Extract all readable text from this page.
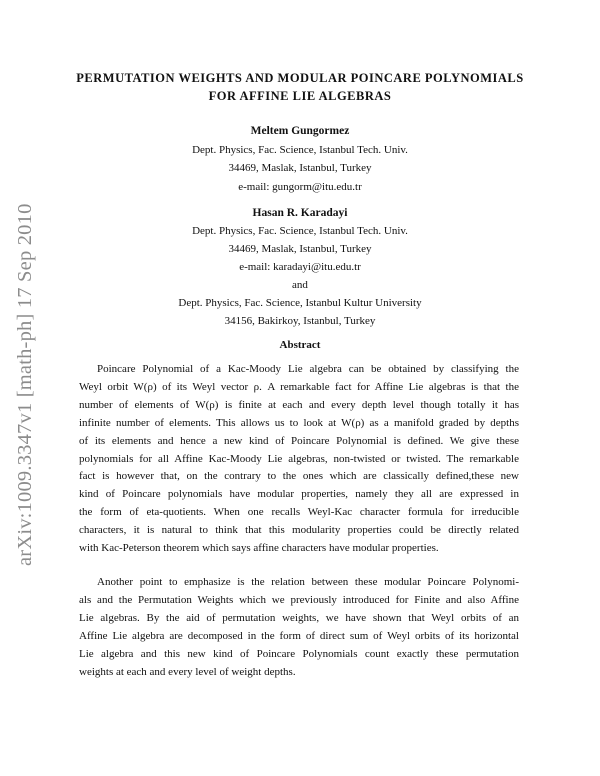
arXiv:1009.3347v1 [math-ph] 17 Sep 2010
PERMUTATION WEIGHTS AND MODULAR POINCARE POLYNOMIALS
FOR AFFINE LIE ALGEBRAS
Meltem Gungormez
Dept. Physics, Fac. Science, Istanbul Tech. Univ.
34469, Maslak, Istanbul, Turkey
e-mail: gungorm@itu.edu.tr
Hasan R. Karadayi
Dept. Physics, Fac. Science, Istanbul Tech. Univ.
34469, Maslak, Istanbul, Turkey
e-mail: karadayi@itu.edu.tr
and
Dept. Physics, Fac. Science, Istanbul Kultur University
34156, Bakirkoy, Istanbul, Turkey
Abstract
Poincare Polynomial of a Kac-Moody Lie algebra can be obtained by classifying the
Weyl orbit W(ρ) of its Weyl vector ρ. A remarkable fact for Affine Lie algebras is that the
number of elements of W(ρ) is finite at each and every depth level though totally it has
infinite number of elements. This allows us to look at W(ρ) as a manifold graded by depths
of its elements and hence a new kind of Poincare Polynomial is defined. We give these
polynomials for all Affine Kac-Moody Lie algebras, non-twisted or twisted. The remarkable
fact is however that, on the contrary to the ones which are classically defined,these new
kind of Poincare polynomials have modular properties, namely they all are expressed in
the form of eta-quotients. When one recalls Weyl-Kac character formula for irreducible
characters, it is natural to think that this modularity properties could be directly related
with Kac-Peterson theorem which says affine characters have modular properties.
Another point to emphasize is the relation between these modular Poincare Polynomi-
als and the Permutation Weights which we previously introduced for Finite and also Affine
Lie algebras. By the aid of permutation weights, we have shown that Weyl orbits of an
Affine Lie algebra are decomposed in the form of direct sum of Weyl orbits of its horizontal
Lie algebra and this new kind of Poincare Polynomials count exactly these permutation
weights at each and every level of weight depths.
